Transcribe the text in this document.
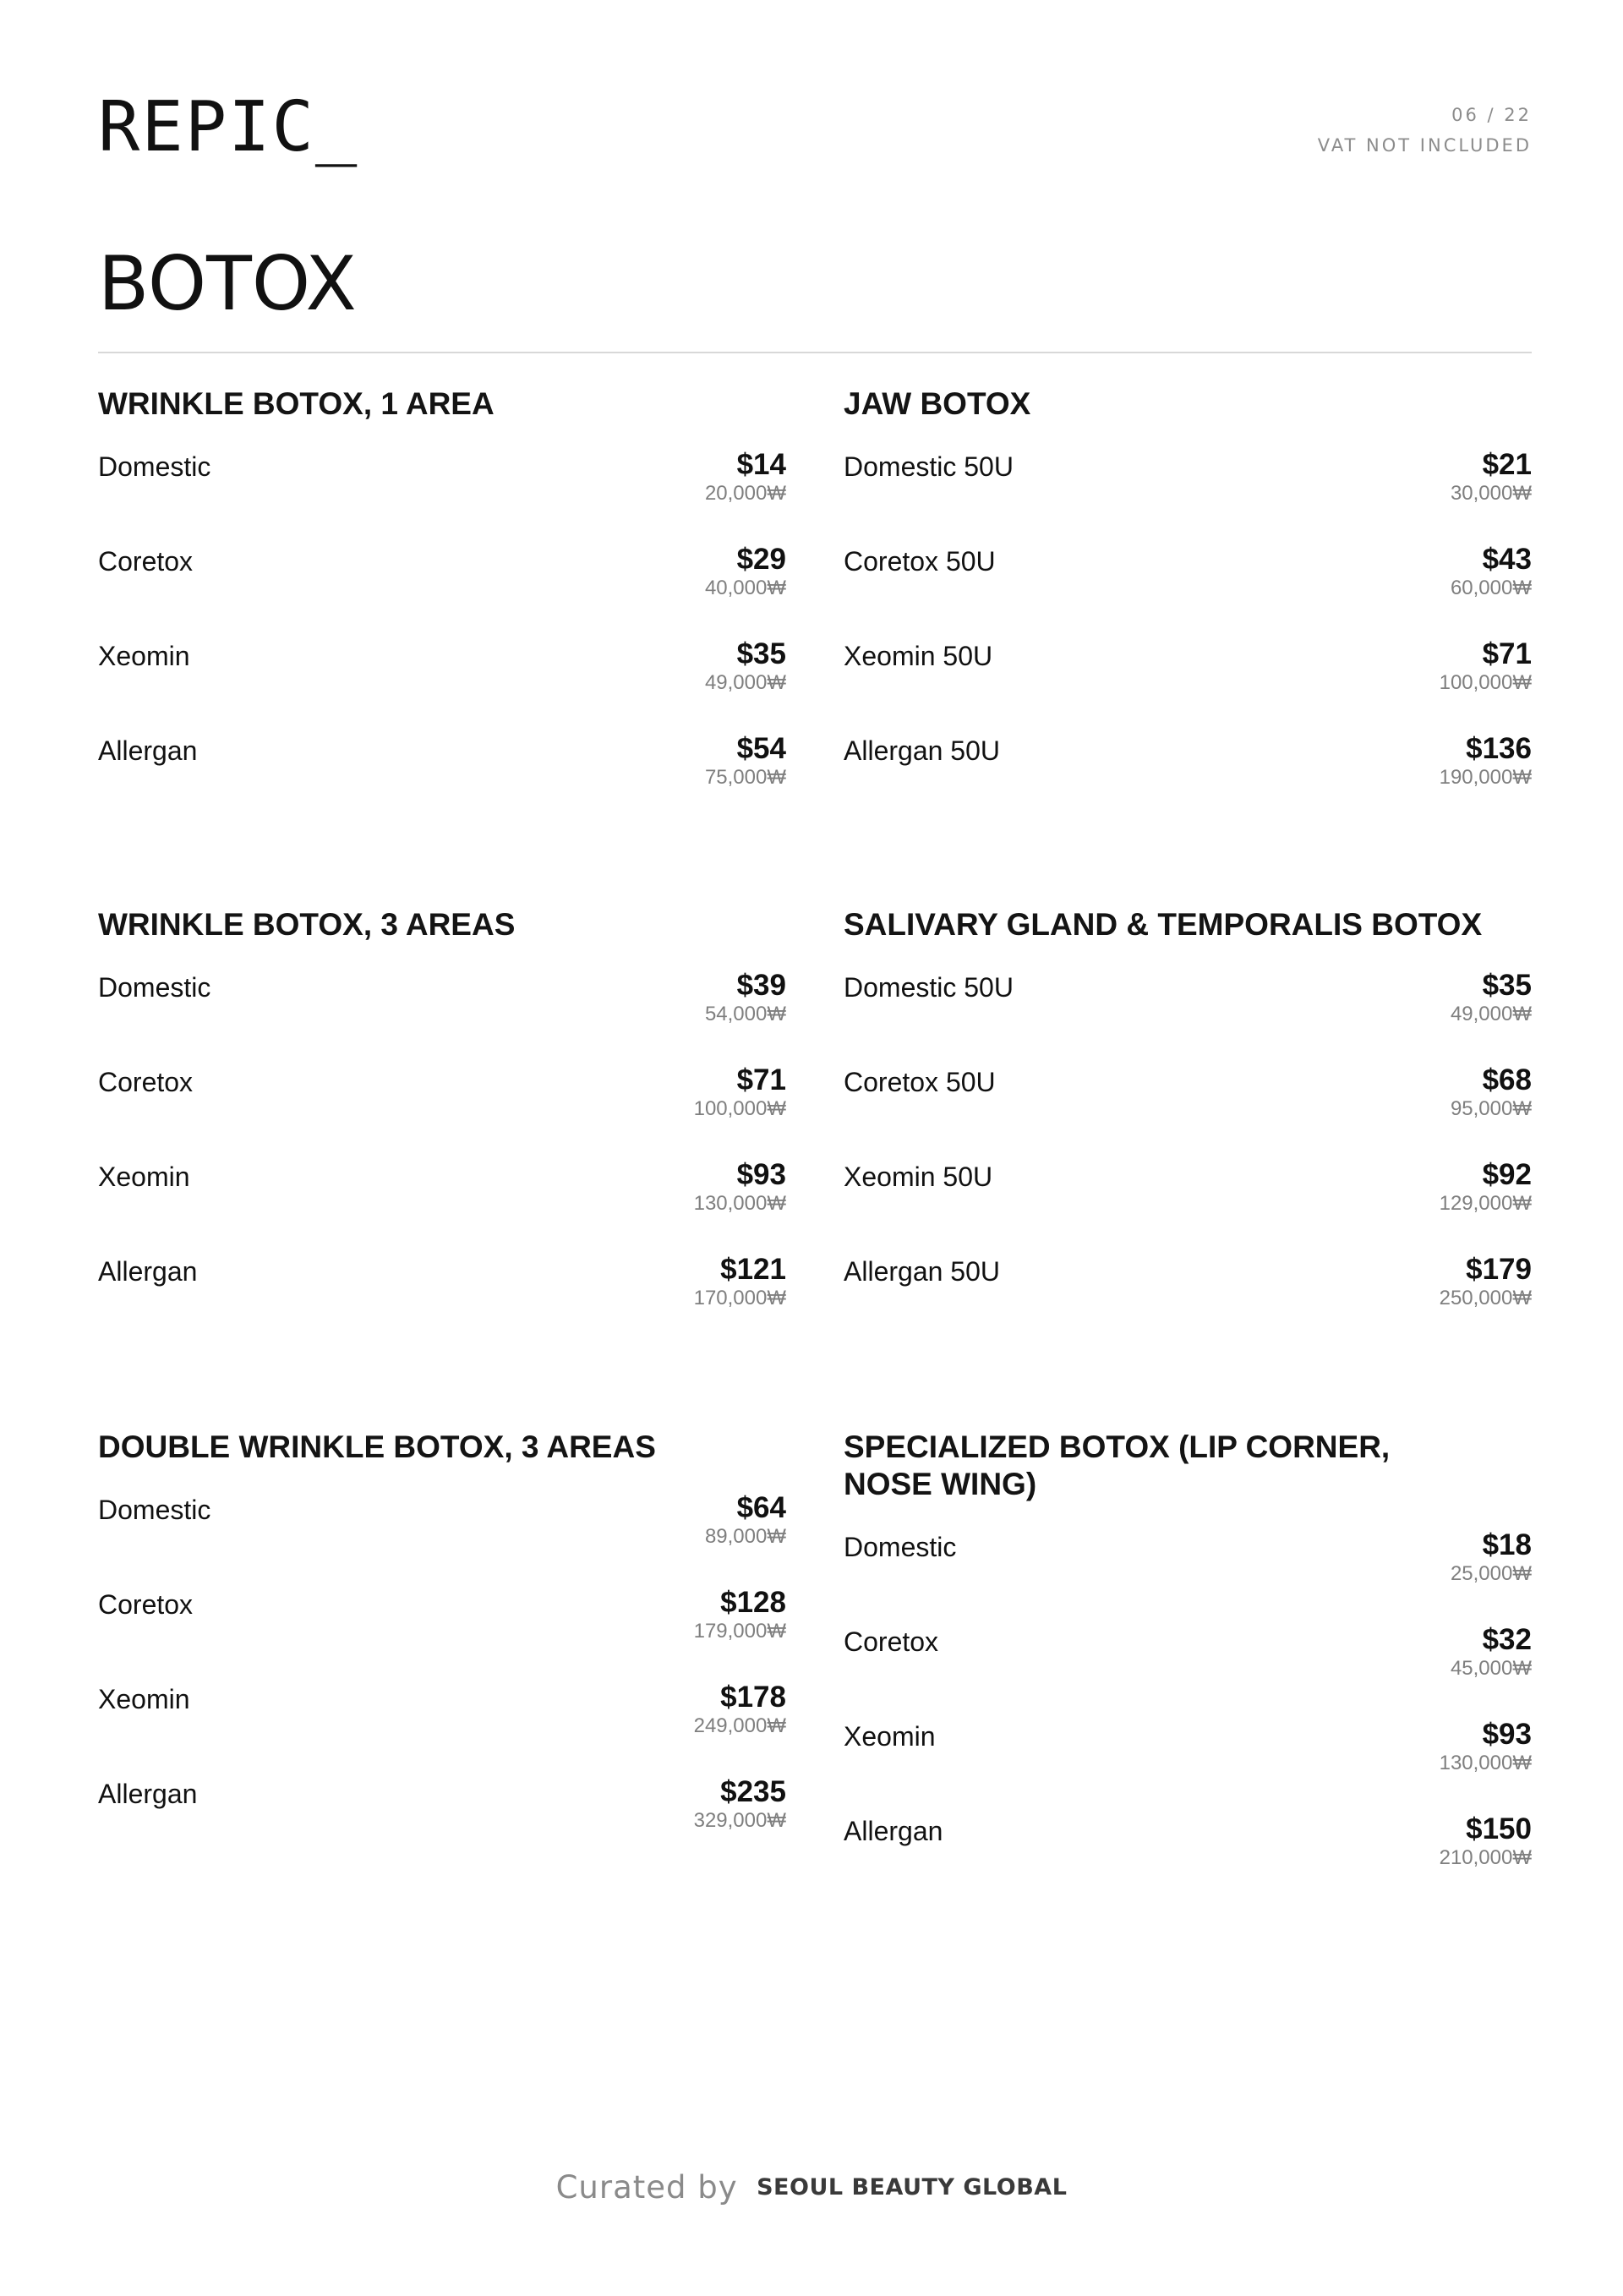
REPIC_	06 / 22
VAT NOT INCLUDED
BOTOX
WRINKLE BOTOX, 1 AREA
Domestic	$14
20,000₩
Coretox	$29
40,000₩
Xeomin	$35
49,000₩
Allergan	$54
75,000₩
JAW BOTOX
Domestic 50U	$21
30,000₩
Coretox 50U	$43
60,000₩
Xeomin 50U	$71
100,000₩
Allergan 50U	$136
190,000₩
WRINKLE BOTOX, 3 AREAS
Domestic	$39
54,000₩
Coretox	$71
100,000₩
Xeomin	$93
130,000₩
Allergan	$121
170,000₩
SALIVARY GLAND & TEMPORALIS BOTOX
Domestic 50U	$35
49,000₩
Coretox 50U	$68
95,000₩
Xeomin 50U	$92
129,000₩
Allergan 50U	$179
250,000₩
DOUBLE WRINKLE BOTOX, 3 AREAS
Domestic	$64
89,000₩
Coretox	$128
179,000₩
Xeomin	$178
249,000₩
Allergan	$235
329,000₩
SPECIALIZED BOTOX (LIP CORNER, NOSE WING)
Domestic	$18
25,000₩
Coretox	$32
45,000₩
Xeomin	$93
130,000₩
Allergan	$150
210,000₩
Curated by SEOUL BEAUTY GLOBAL
